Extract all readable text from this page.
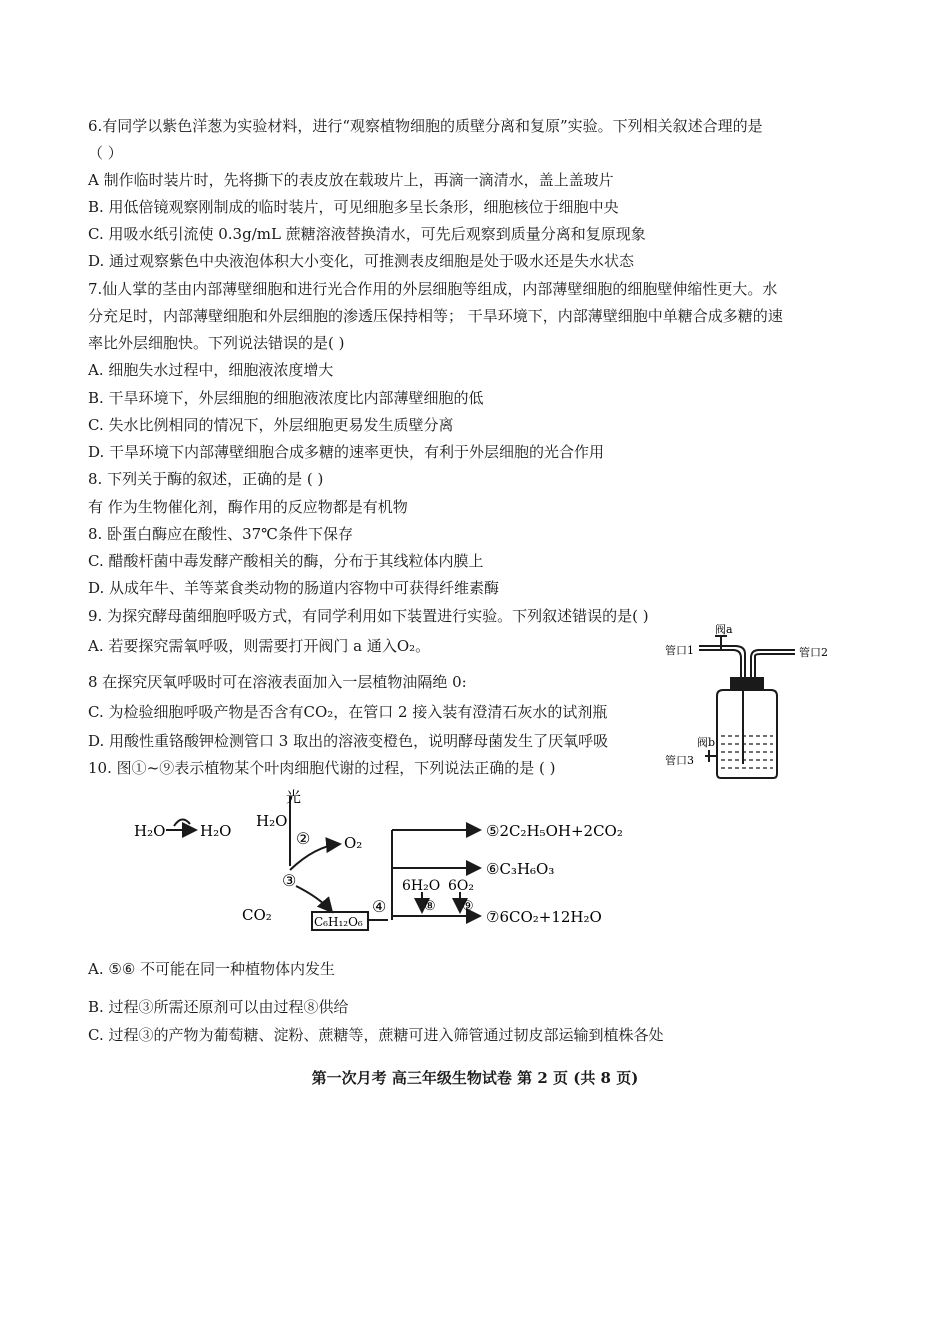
6.有同学以紫色洋葱为实验材料，进行“观察植物细胞的质壁分离和复原”实验。下列相关叙述合理的是
（ ）
A 制作临时装片时，先将撕下的表皮放在载玻片上，再滴一滴清水，盖上盖玻片
B. 用低倍镜观察刚制成的临时装片，可见细胞多呈长条形，细胞核位于细胞中央
C. 用吸水纸引流使 0.3g/mL 蔗糖溶液替换清水，可先后观察到质量分离和复原现象
D. 通过观察紫色中央液泡体积大小变化，可推测表皮细胞是处于吸水还是失水状态
7.仙人掌的茎由内部薄壁细胞和进行光合作用的外层细胞等组成，内部薄壁细胞的细胞壁伸缩性更大。水
分充足时，内部薄壁细胞和外层细胞的渗透压保持相等； 干旱环境下，内部薄壁细胞中单糖合成多糖的速
率比外层细胞快。下列说法错误的是( )
A. 细胞失水过程中，细胞液浓度增大
B. 干旱环境下，外层细胞的细胞液浓度比内部薄壁细胞的低
C. 失水比例相同的情况下，外层细胞更易发生质壁分离
D. 干旱环境下内部薄壁细胞合成多糖的速率更快，有利于外层细胞的光合作用
8. 下列关于酶的叙述，正确的是 ( )
有 作为生物催化剂，酶作用的反应物都是有机物
8. 卧蛋白酶应在酸性、37℃条件下保存
C. 醋酸杆菌中毒发酵产酸相关的酶，分布于其线粒体内膜上
D. 从成年牛、羊等菜食类动物的肠道内容物中可获得纤维素酶
9. 为探究酵母菌细胞呼吸方式，有同学利用如下装置进行实验。下列叙述错误的是( )
A. 若要探究需氧呼吸，则需要打开阀门 a 通入O₂。
8 在探究厌氧呼吸时可在溶液表面加入一层植物油隔绝 0:
C. 为检验细胞呼吸产物是否含有CO₂，在管口 2 接入装有澄清石灰水的试剂瓶
D. 用酸性重铬酸钾检测管口 3 取出的溶液变橙色，说明酵母菌发生了厌氧呼吸
10. 图①~⑨表示植物某个叶肉细胞代谢的过程，下列说法正确的是 ( )
A. ⑤⑥ 不可能在同一种植物体内发生
B. 过程③所需还原剂可以由过程⑧供给
C. 过程③的产物为葡萄糖、淀粉、蔗糖等，蔗糖可进入筛管通过韧皮部运输到植株各处
阀a
管口1	管口2
阀b
管口3
H₂O H₂O
光
H₂O
② O₂
③
CO₂	C₆H₁₂O₆
④
⑤2C₂H₅OH+2CO₂
⑥C₃H₆O₃
6H₂O 6O₂
⑧ ⑨
⑦6CO₂+12H₂O
第一次月考 高三年级生物试卷 第 2 页 (共 8 页)
